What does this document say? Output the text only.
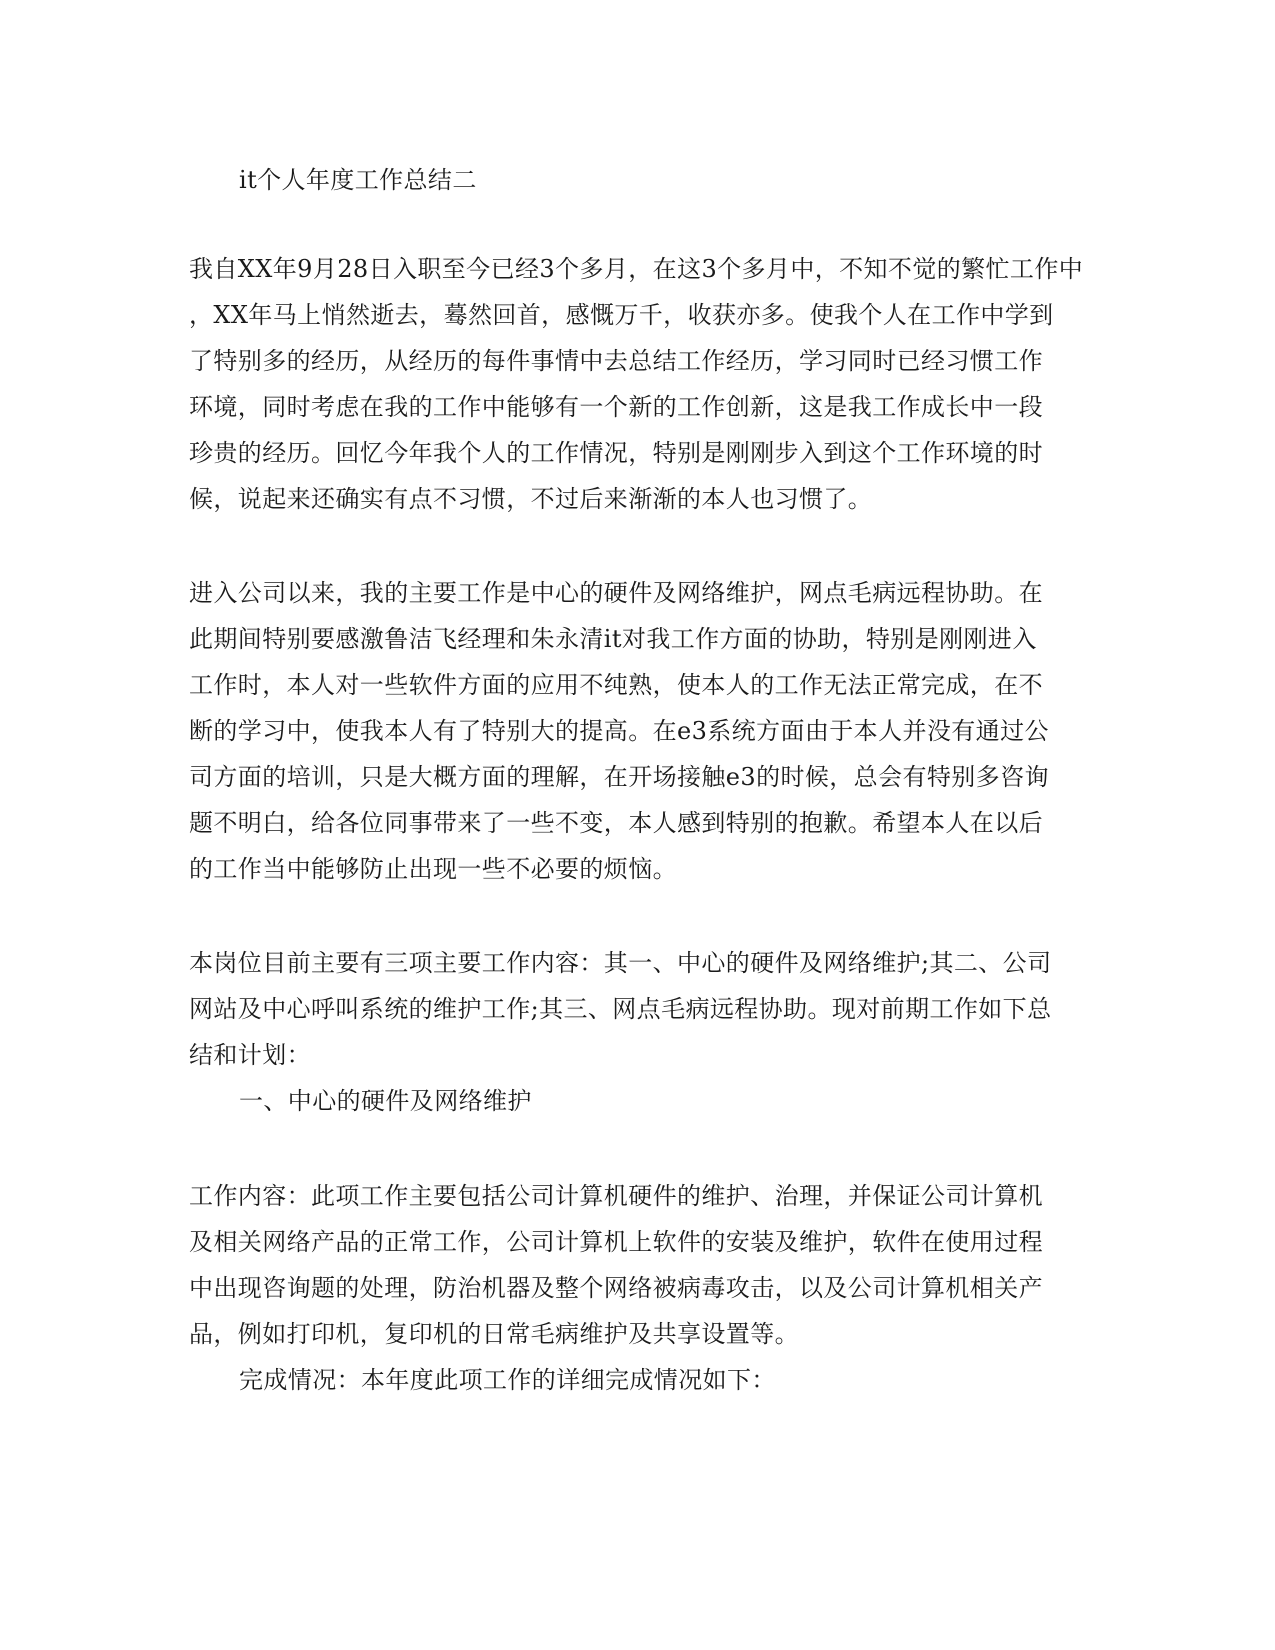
it个人年度工作总结二
我自XX年9月28日入职至今已经3个多月，在这3个多月中，不知不觉的繁忙工作中
，XX年马上悄然逝去，蓦然回首，感慨万千，收获亦多。使我个人在工作中学到
了特别多的经历，从经历的每件事情中去总结工作经历，学习同时已经习惯工作
环境，同时考虑在我的工作中能够有一个新的工作创新，这是我工作成长中一段
珍贵的经历。回忆今年我个人的工作情况，特别是刚刚步入到这个工作环境的时
候，说起来还确实有点不习惯，不过后来渐渐的本人也习惯了。
进入公司以来，我的主要工作是中心的硬件及网络维护，网点毛病远程协助。在
此期间特别要感激鲁洁飞经理和朱永清it对我工作方面的协助，特别是刚刚进入
工作时，本人对一些软件方面的应用不纯熟，使本人的工作无法正常完成，在不
断的学习中，使我本人有了特别大的提高。在e3系统方面由于本人并没有通过公
司方面的培训，只是大概方面的理解，在开场接触e3的时候，总会有特别多咨询
题不明白，给各位同事带来了一些不变，本人感到特别的抱歉。希望本人在以后
的工作当中能够防止出现一些不必要的烦恼。
本岗位目前主要有三项主要工作内容：其一、中心的硬件及网络维护;其二、公司
网站及中心呼叫系统的维护工作;其三、网点毛病远程协助。现对前期工作如下总
结和计划：
一、中心的硬件及网络维护
工作内容：此项工作主要包括公司计算机硬件的维护、治理，并保证公司计算机
及相关网络产品的正常工作，公司计算机上软件的安装及维护，软件在使用过程
中出现咨询题的处理，防治机器及整个网络被病毒攻击，以及公司计算机相关产
品，例如打印机，复印机的日常毛病维护及共享设置等。
完成情况：本年度此项工作的详细完成情况如下：
